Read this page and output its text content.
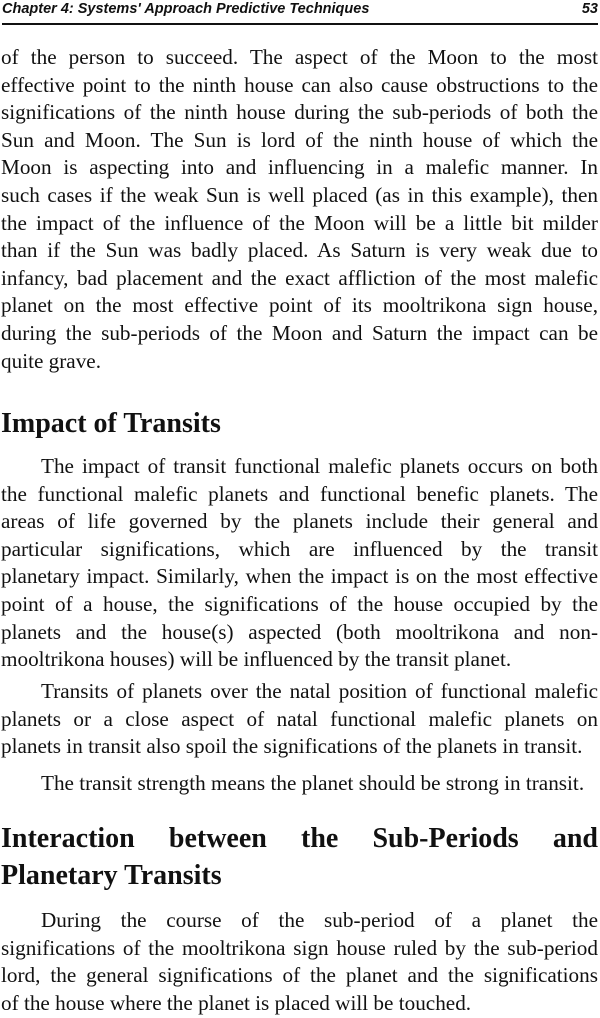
Chapter 4: Systems' Approach Predictive Techniques	53
of the person to succeed. The aspect of the Moon to the most
effective point to the ninth house can also cause obstructions to the
significations of the ninth house during the sub-periods of both the
Sun and Moon. The Sun is lord of the ninth house of which the
Moon is aspecting into and influencing in a malefic manner. In
such cases if the weak Sun is well placed (as in this example), then
the impact of the influence of the Moon will be a little bit milder
than if the Sun was badly placed. As Saturn is very weak due to
infancy, bad placement and the exact affliction of the most malefic
planet on the most effective point of its mooltrikona sign house,
during the sub-periods of the Moon and Saturn the impact can be
quite grave.
Impact of Transits
The impact of transit functional malefic planets occurs on both
the functional malefic planets and functional benefic planets. The
areas of life governed by the planets include their general and
particular significations, which are influenced by the transit
planetary impact. Similarly, when the impact is on the most effective
point of a house, the significations of the house occupied by the
planets and the house(s) aspected (both mooltrikona and non-
mooltrikona houses) will be influenced by the transit planet.
Transits of planets over the natal position of functional malefic
planets or a close aspect of natal functional malefic planets on
planets in transit also spoil the significations of the planets in transit.
The transit strength means the planet should be strong in transit.
Interaction between the Sub-Periods and
Planetary Transits
During the course of the sub-period of a planet the
significations of the mooltrikona sign house ruled by the sub-period
lord, the general significations of the planet and the significations
of the house where the planet is placed will be touched.
